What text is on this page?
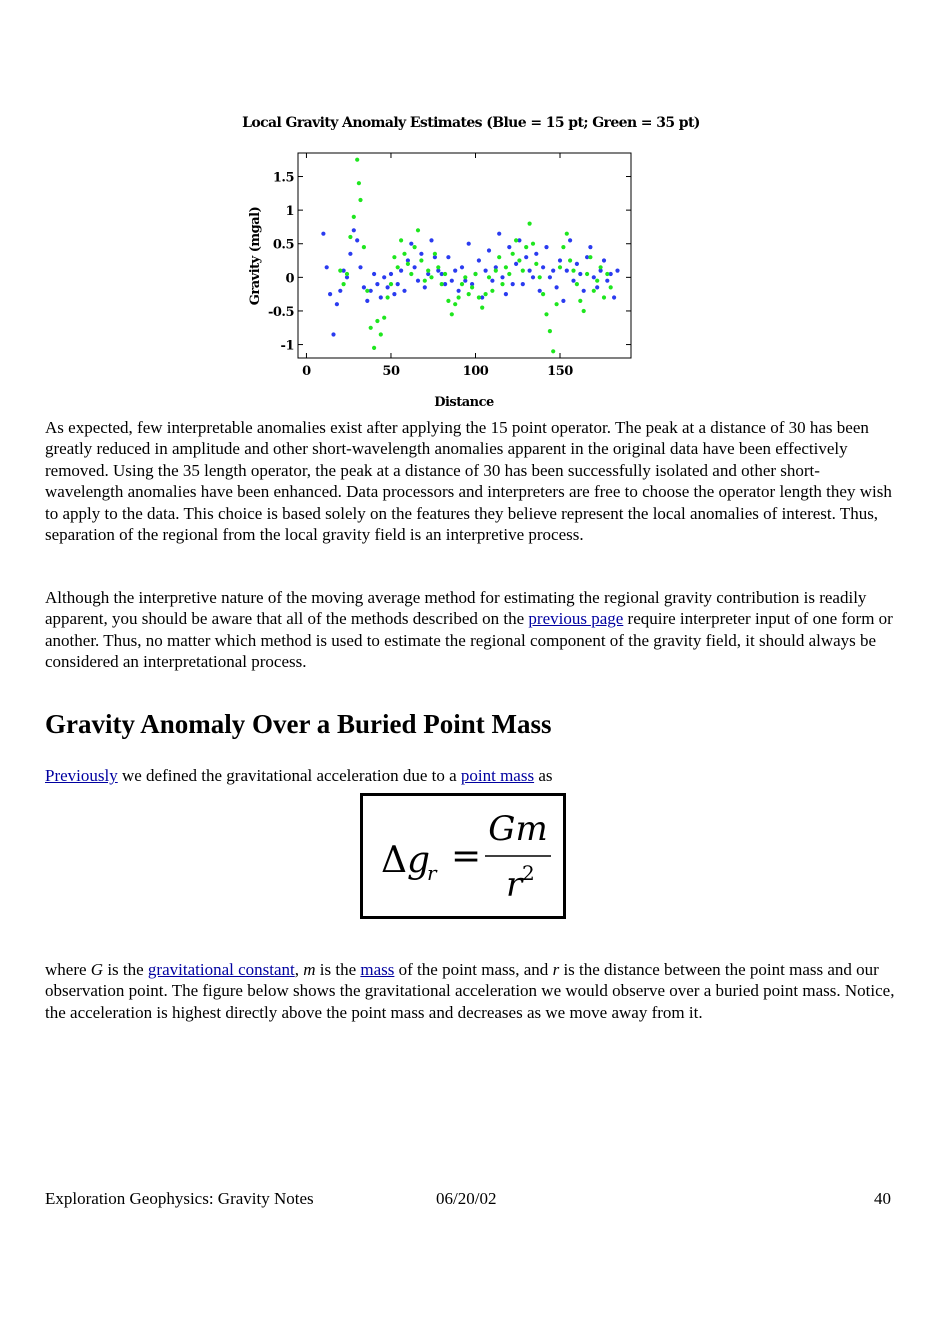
Local Gravity Anomaly Estimates (Blue = 15 pt; Green = 35 pt)
0	50	100	150
-1
-0.5
0
0.5
1
1.5
Distance
Gravity (mgal)

As expected, few interpretable anomalies exist after applying the 15 point operator. The peak at a distance of 30 has been greatly reduced in amplitude and other short-wavelength anomalies apparent in the original data have been effectively removed. Using the 35 length operator, the peak at a distance of 30 has been successfully isolated and other short-wavelength anomalies have been enhanced. Data processors and interpreters are free to choose the operator length they wish to apply to the data. This choice is based solely on the features they believe represent the local anomalies of interest. Thus, separation of the regional from the local gravity field is an interpretive process.

Although the interpretive nature of the moving average method for estimating the regional gravity contribution is readily apparent, you should be aware that all of the methods described on the previous page require interpreter input of one form or another. Thus, no matter which method is used to estimate the regional component of the gravity field, it should always be considered an interpretational process.

Gravity Anomaly Over a Buried Point Mass

Previously we defined the gravitational acceleration due to a point mass as

Δ g
r =
Gm
r 2

where G is the gravitational constant, m is the mass of the point mass, and r is the distance between the point mass and our observation point. The figure below shows the gravitational acceleration we would observe over a buried point mass. Notice, the acceleration is highest directly above the point mass and decreases as we move away from it.

Exploration Geophysics: Gravity Notes	06/20/02	40
